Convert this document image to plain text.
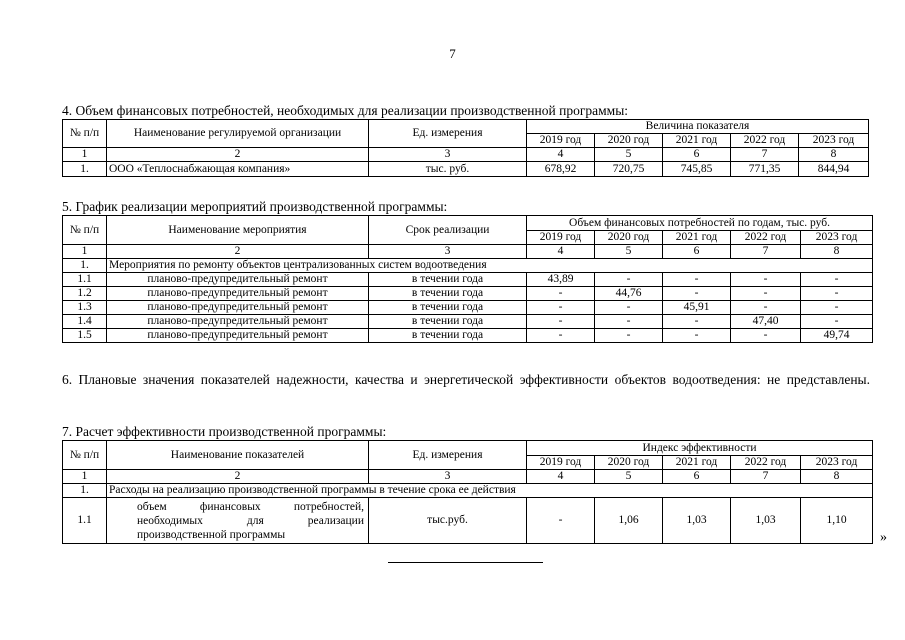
7
4. Объем финансовых потребностей, необходимых для реализации производственной программы:
№ п/п	Наименование регулируемой организации	Ед. измерения	Величина показателя				
			2019 год	2020 год	2021 год	2022 год	2023 год
1	2	3	4	5	6	7	8
1.	ООО «Теплоснабжающая компания»	тыс. руб.	678,92	720,75	745,85	771,35	844,94
5. График реализации мероприятий производственной программы:
№ п/п	Наименование мероприятия	Срок реализации	Объем финансовых потребностей по годам, тыс. руб.				
			2019 год	2020 год	2021 год	2022 год	2023 год
1	2	3	4	5	6	7	8
1.	Мероприятия по ремонту объектов централизованных систем водоотведения						
1.1	планово-предупредительный ремонт	в течении года	43,89	-	-	-	-
1.2	планово-предупредительный ремонт	в течении года	-	44,76	-	-	-
1.3	планово-предупредительный ремонт	в течении года	-	-	45,91	-	-
1.4	планово-предупредительный ремонт	в течении года	-	-	-	47,40	-
1.5	планово-предупредительный ремонт	в течении года	-	-	-	-	49,74
6. Плановые значения показателей надежности, качества и энергетической эффективности объектов водоотведения: не представлены.
7. Расчет эффективности производственной программы:
№ п/п	Наименование показателей	Ед. измерения	Индекс эффективности				
			2019 год	2020 год	2021 год	2022 год	2023 год
1	2	3	4	5	6	7	8
1.	Расходы на реализацию производственной программы в течение срока ее действия						
1.1	объем финансовых потребностей, необходимых для реализации производственной программы	тыс.руб.	-	1,06	1,03	1,03	1,10
»
